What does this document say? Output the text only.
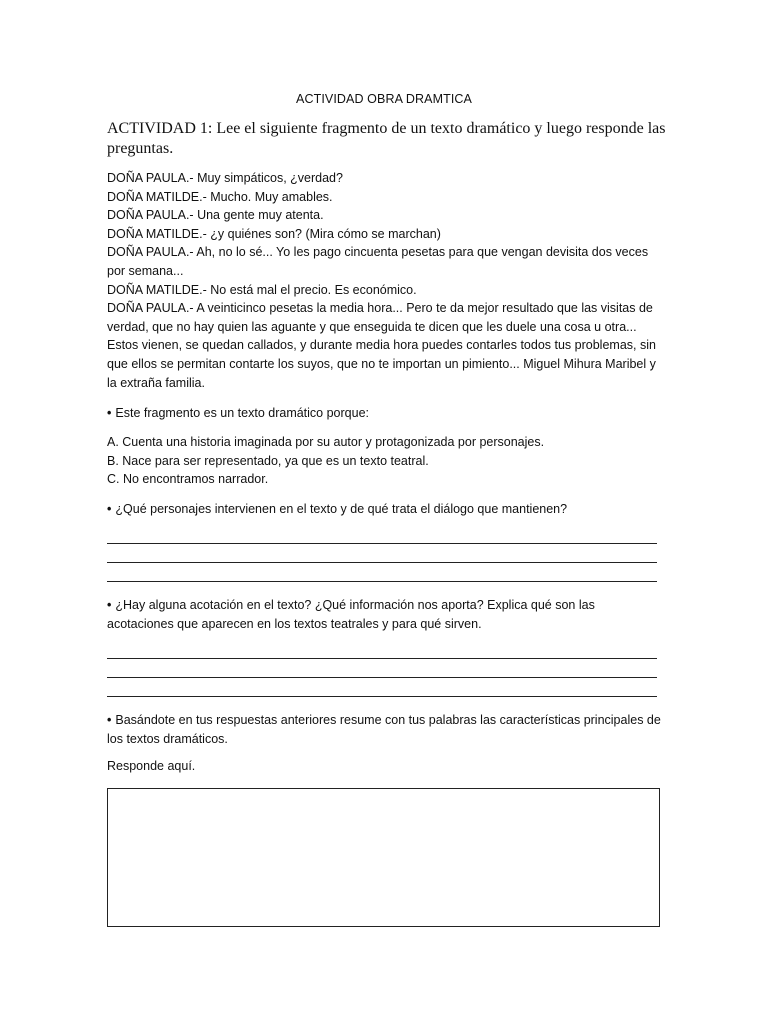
ACTIVIDAD OBRA DRAMTICA
ACTIVIDAD 1: Lee el siguiente fragmento de un texto dramático y luego responde las preguntas.

DOÑA PAULA.- Muy simpáticos, ¿verdad?

DOÑA MATILDE.- Mucho. Muy amables.

DOÑA PAULA.- Una gente muy atenta.

DOÑA MATILDE.- ¿y quiénes son? (Mira cómo se marchan)

DOÑA PAULA.- Ah, no lo sé... Yo les pago cincuenta pesetas para que vengan devisita dos veces por semana...

DOÑA MATILDE.- No está mal el precio. Es económico.

DOÑA PAULA.- A veinticinco pesetas la media hora... Pero te da mejor resultado que las visitas de verdad, que no hay quien las aguante y que enseguida te dicen que les duele una cosa u otra... Estos vienen, se quedan callados, y durante media hora puedes contarles todos tus problemas, sin que ellos se permitan contarte los suyos, que no te importan un pimiento... Miguel Mihura Maribel y la extraña familia.

• Este fragmento es un texto dramático porque:

A. Cuenta una historia imaginada por su autor y protagonizada por personajes.

B. Nace para ser representado, ya que es un texto teatral.

C. No encontramos narrador.

• ¿Qué personajes intervienen en el texto y de qué trata el diálogo que mantienen?
• ¿Hay alguna acotación en el texto? ¿Qué información nos aporta? Explica qué son las acotaciones que aparecen en los textos teatrales y para qué sirven.
• Basándote en tus respuestas anteriores resume con tus palabras las características principales de los textos dramáticos.
Responde aquí.
